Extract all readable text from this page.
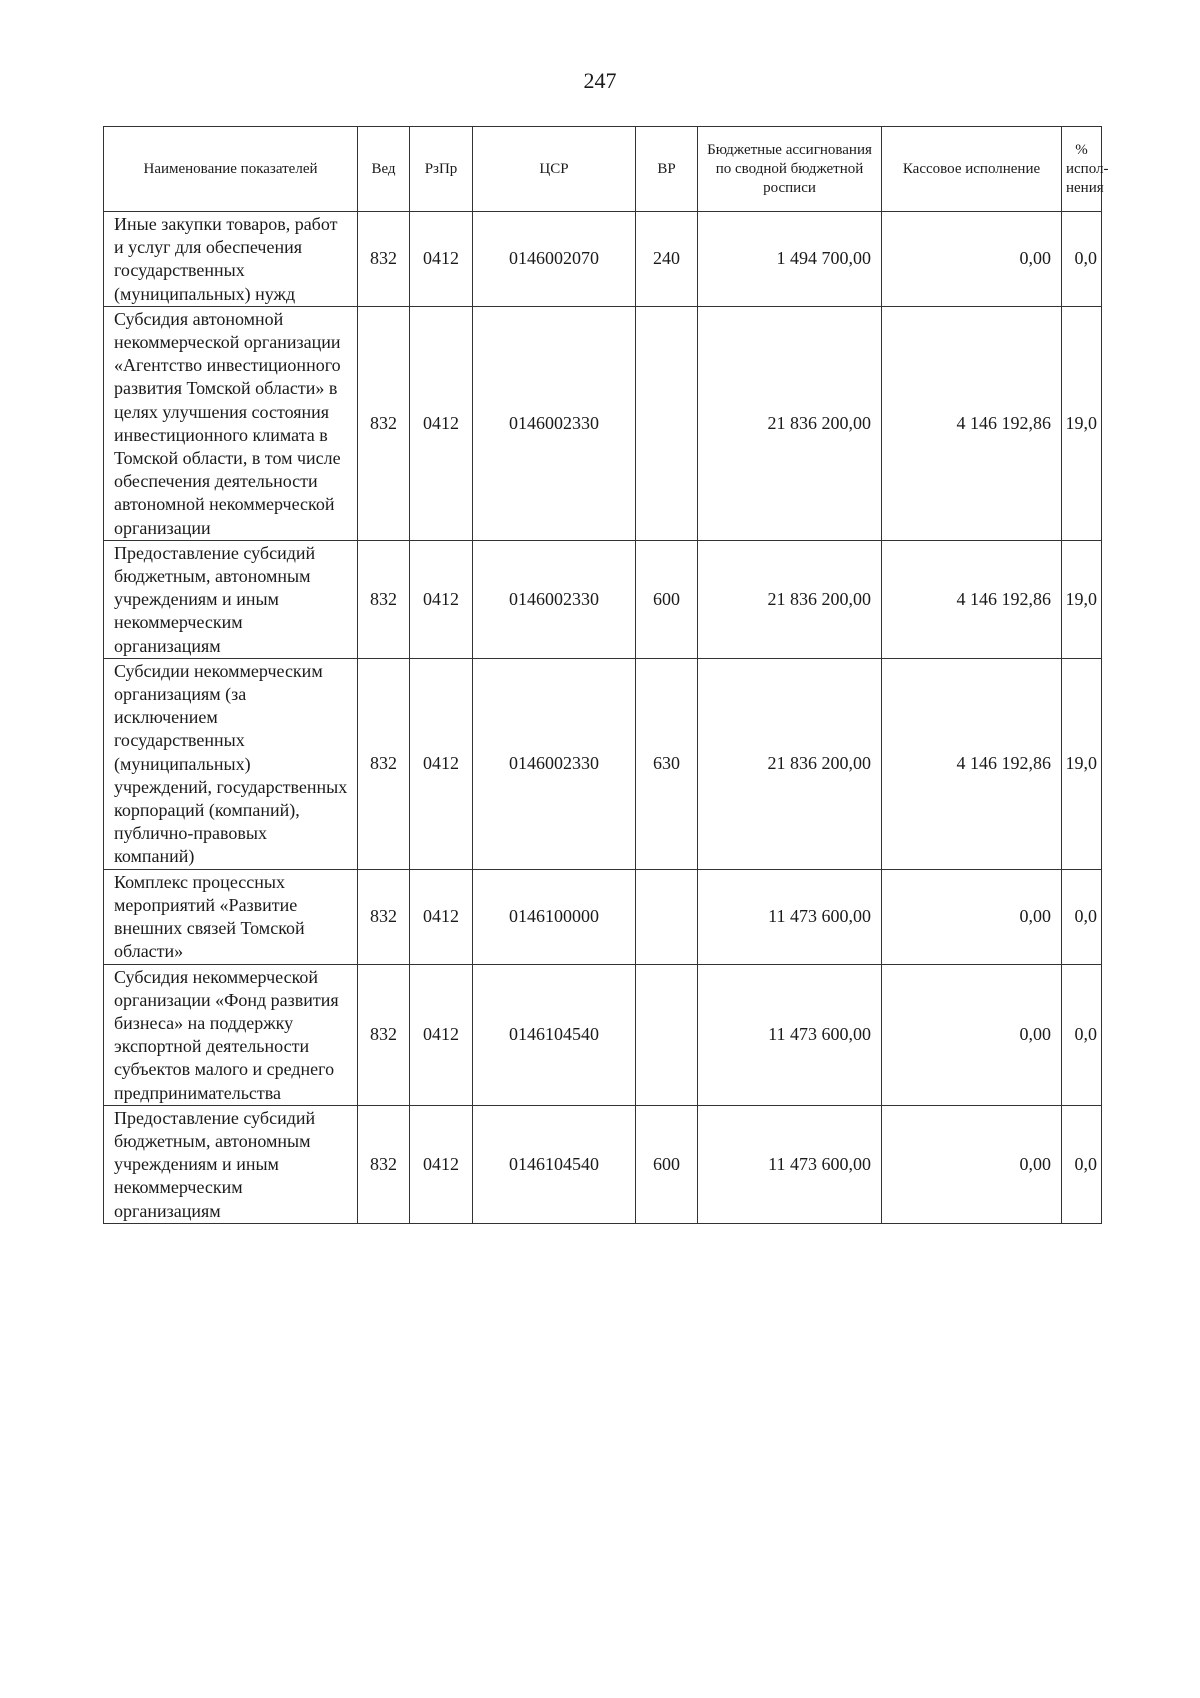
247
Наименование показателей	Вед	РзПр	ЦСР	ВР	Бюджетные ассигнования по сводной бюджетной росписи	Кассовое исполнение	% испол-нения
Иные закупки товаров, работ и услуг для обеспечения государственных (муниципальных) нужд	832	0412	0146002070	240	1 494 700,00	0,00	0,0
Субсидия автономной некоммерческой организации «Агентство инвестиционного развития Томской области» в целях улучшения состояния инвестиционного климата в Томской области, в том числе обеспечения деятельности автономной некоммерческой организации	832	0412	0146002330		21 836 200,00	4 146 192,86	19,0
Предоставление субсидий бюджетным, автономным учреждениям и иным некоммерческим организациям	832	0412	0146002330	600	21 836 200,00	4 146 192,86	19,0
Субсидии некоммерческим организациям (за исключением государственных (муниципальных) учреждений, государственных корпораций (компаний), публично-правовых компаний)	832	0412	0146002330	630	21 836 200,00	4 146 192,86	19,0
Комплекс процессных мероприятий «Развитие внешних связей Томской области»	832	0412	0146100000		11 473 600,00	0,00	0,0
Субсидия некоммерческой организации «Фонд развития бизнеса» на поддержку экспортной деятельности субъектов малого и среднего предпринимательства	832	0412	0146104540		11 473 600,00	0,00	0,0
Предоставление субсидий бюджетным, автономным учреждениям и иным некоммерческим организациям	832	0412	0146104540	600	11 473 600,00	0,00	0,0
